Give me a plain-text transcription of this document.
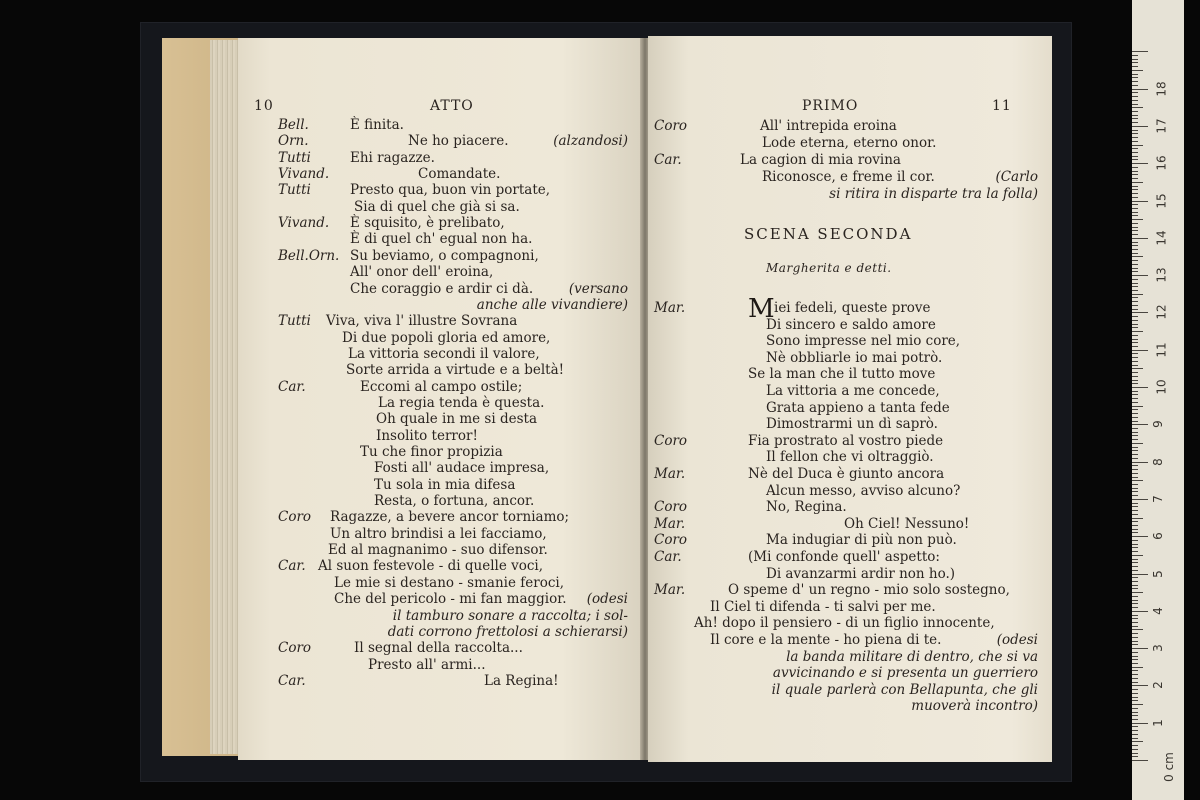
10	ATTO
Bell.	È finita.
Orn.	Ne ho piacere.	(alzandosi)
Tutti	Ehi ragazze.
Vivand.	Comandate.
Tutti	Presto qua, buon vin portate,
Sia di quel che già si sa.
Vivand. È squisito, è prelibato,
È di quel ch' egual non ha.
Bell.Orn. Su beviamo, o compagnoni,
All' onor dell' eroina,
Che coraggio e ardir ci dà.	(versano
anche alle vivandiere)
Tutti Viva, viva l' illustre Sovrana
Di due popoli gloria ed amore,
La vittoria secondi il valore,
Sorte arrida a virtude e a beltà!
Car.	Eccomi al campo ostile;
La regia tenda è questa.
Oh quale in me si desta
Insolito terror!
Tu che finor propizia
Fosti all' audace impresa,
Tu sola in mia difesa
Resta, o fortuna, ancor.
Coro Ragazze, a bevere ancor torniamo;
Un altro brindisi a lei facciamo,
Ed al magnanimo - suo difensor.
Car. Al suon festevole - di quelle voci,
Le mie si destano - smanie feroci,
Che del pericolo - mi fan maggior. (odesi
il tamburo sonare a raccolta; i sol-
dati corrono frettolosi a schierarsi)
Coro	Il segnal della raccolta...
Presto all' armi...
Car.	La Regina!
PRIMO	11
Coro	All' intrepida eroina
Lode eterna, eterno onor.
Car.	La cagion di mia rovina
Riconosce, e freme il cor.	(Carlo
si ritira in disparte tra la folla)
SCENA SECONDA
Margherita e detti.
M
Mar.	iei fedeli, queste prove
Di sincero e saldo amore
Sono impresse nel mio core,
Nè obbliarle io mai potrò.
Se la man che il tutto move
La vittoria a me concede,
Grata appieno a tanta fede
Dimostrarmi un dì saprò.
Coro	Fia prostrato al vostro piede
Il fellon che vi oltraggiò.
Mar.	Nè del Duca è giunto ancora
Alcun messo, avviso alcuno?
Coro	No, Regina.
Mar.	Oh Ciel! Nessuno!
Coro	Ma indugiar di più non può.
Car.	(Mi confonde quell' aspetto:
Di avanzarmi ardir non ho.)
Mar.	O speme d' un regno - mio solo sostegno,
Il Ciel ti difenda - ti salvi per me.
Ah! dopo il pensiero - di un figlio innocente,
Il core e la mente - ho piena di te.	(odesi
la banda militare di dentro, che si va
avvicinando e si presenta un guerriero
il quale parlerà con Bellapunta, che gli
muoverà incontro)
0 cm
1
2
3
4
5
6
7
8
9
10
11
12
13
14
15
16
17
18
